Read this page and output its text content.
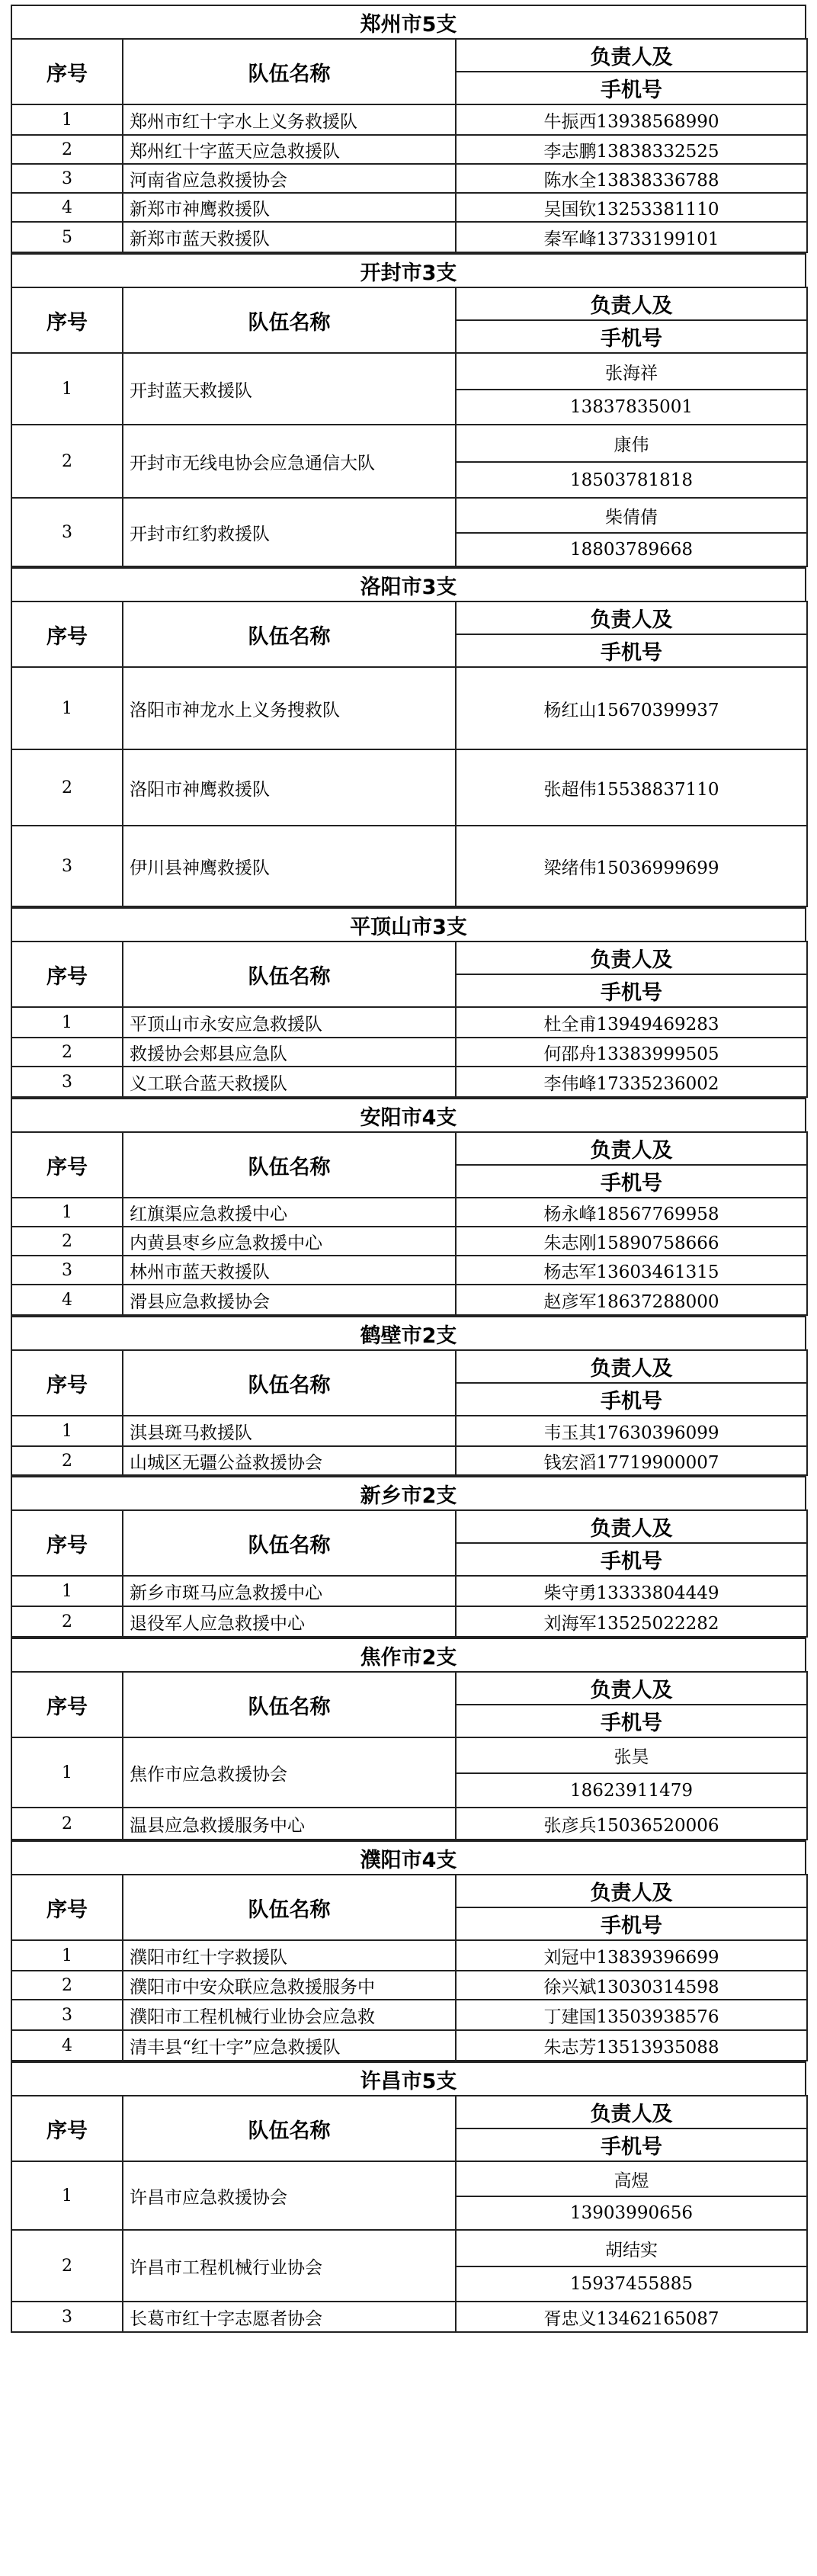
郑州市5支
序号	队伍名称	负责人及
手机号

1	郑州市红十字水上义务救援队	牛振西13938568990
2	郑州红十字蓝天应急救援队	李志鹏13838332525
3	河南省应急救援协会	陈水全13838336788
4	新郑市神鹰救援队	吴国钦13253381110
5	新郑市蓝天救援队	秦军峰13733199101
开封市3支
序号	队伍名称	负责人及
手机号

1	开封蓝天救援队	张海祥
13837835001

2	开封市无线电协会应急通信大队	康伟
18503781818

3	开封市红豹救援队	柴倩倩
18803789668
洛阳市3支
序号	队伍名称	负责人及
手机号

1	洛阳市神龙水上义务搜救队	杨红山15670399937
2	洛阳市神鹰救援队	张超伟15538837110
3	伊川县神鹰救援队	梁绪伟15036999699
平顶山市3支
序号	队伍名称	负责人及
手机号

1	平顶山市永安应急救援队	杜全甫13949469283
2	救援协会郏县应急队	何邵舟13383999505
3	义工联合蓝天救援队	李伟峰17335236002
安阳市4支
序号	队伍名称	负责人及
手机号

1	红旗渠应急救援中心	杨永峰18567769958
2	内黄县枣乡应急救援中心	朱志刚15890758666
3	林州市蓝天救援队	杨志军13603461315
4	滑县应急救援协会	赵彦军18637288000
鹤壁市2支
序号	队伍名称	负责人及
手机号

1	淇县斑马救援队	韦玉其17630396099
2	山城区无疆公益救援协会	钱宏滔17719900007
新乡市2支
序号	队伍名称	负责人及
手机号

1	新乡市斑马应急救援中心	柴守勇13333804449
2	退役军人应急救援中心	刘海军13525022282
焦作市2支
序号	队伍名称	负责人及
手机号

1	焦作市应急救援协会	张昊
18623911479

2	温县应急救援服务中心	张彦兵15036520006
濮阳市4支
序号	队伍名称	负责人及
手机号

1	濮阳市红十字救援队	刘冠中13839396699
2	濮阳市中安众联应急救援服务中	徐兴斌13030314598
3	濮阳市工程机械行业协会应急救	丁建国13503938576
4	清丰县“红十字”应急救援队	朱志芳13513935088
许昌市5支
序号	队伍名称	负责人及
手机号

1	许昌市应急救援协会	高煜
13903990656

2	许昌市工程机械行业协会	胡结实
15937455885

3	长葛市红十字志愿者协会	胥忠义13462165087
